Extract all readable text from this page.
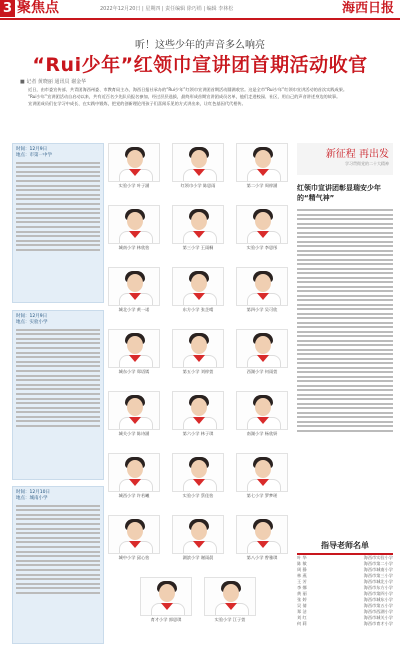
3 聚焦点	2022年12月20日 | 星期四 | 责任编辑 徐巧绢 | 编辑 李林松	海西日报
听！这些少年的声音多么响亮
“Rui少年”红领巾宣讲团首期活动收官
■ 记者 黄晓丽 通讯员 谢金华

近日，由市委宣传部、共青团海西州委、市教育局主办，海西日报社承办的“Rui少年”红领巾宣讲团首期活动圆满收官。这是全市“Rui少年”红领巾宣讲活动的首次实践成果。

“Rui少年”宣讲团活动自启动以来，共有近百名少先队员报名参加，经过层层选拔，最终形成首期宣讲团成员名单，他们走进校园、社区，用自己的声音讲述身边的故事。

宣讲团成员们在学习中成长、在实践中锻炼，把党的创新理论用孩子们喜闻乐见的方式讲出来，让红色基因代代相传。

时间：12月9日
地点：市第一中学
时间：12月9日
地点：实验小学
时间：12月10日
地点：城南小学
实验小学 叶子涵	红领巾小学 陈思雨	第二小学 周梓涵
城南小学 林欣怡	第三小学 王雨桐	实验小学 李思彤
城北小学 黄一诺	东方小学 张芷晴	第四小学 吴可欣
城东小学 郑语嫣	第五小学 刘梓萱	西湖小学 何雨萱
城关小学 陈诗涵	第六小学 林子琪	南湖小学 杨欣妍
城西小学 许若曦	实验小学 蔡佳怡	第七小学 罗梦瑶
城中小学 邱心怡	湖滨小学 谢雨晨	第八小学 曾雅琪
育才小学 郭思琪	实验小学 江子萱
新征程 再出发
学习贯彻党的二十大精神
红领巾宣讲团彰显瑞安少年的“精气神”
指导老师名单
叶 华	海西市实验小学
陈 敏	海西市第二小学
周 静	海西市城南小学
林 燕	海西市第三小学
王 芳	海西市城北小学
李 娜	海西市东方小学
黄 丽	海西市第四小学
张 婷	海西市城东小学
吴 倩	海西市第五小学
郑 洁	海西市西湖小学
刘 红	海西市城关小学
何 莉	海西市育才小学
